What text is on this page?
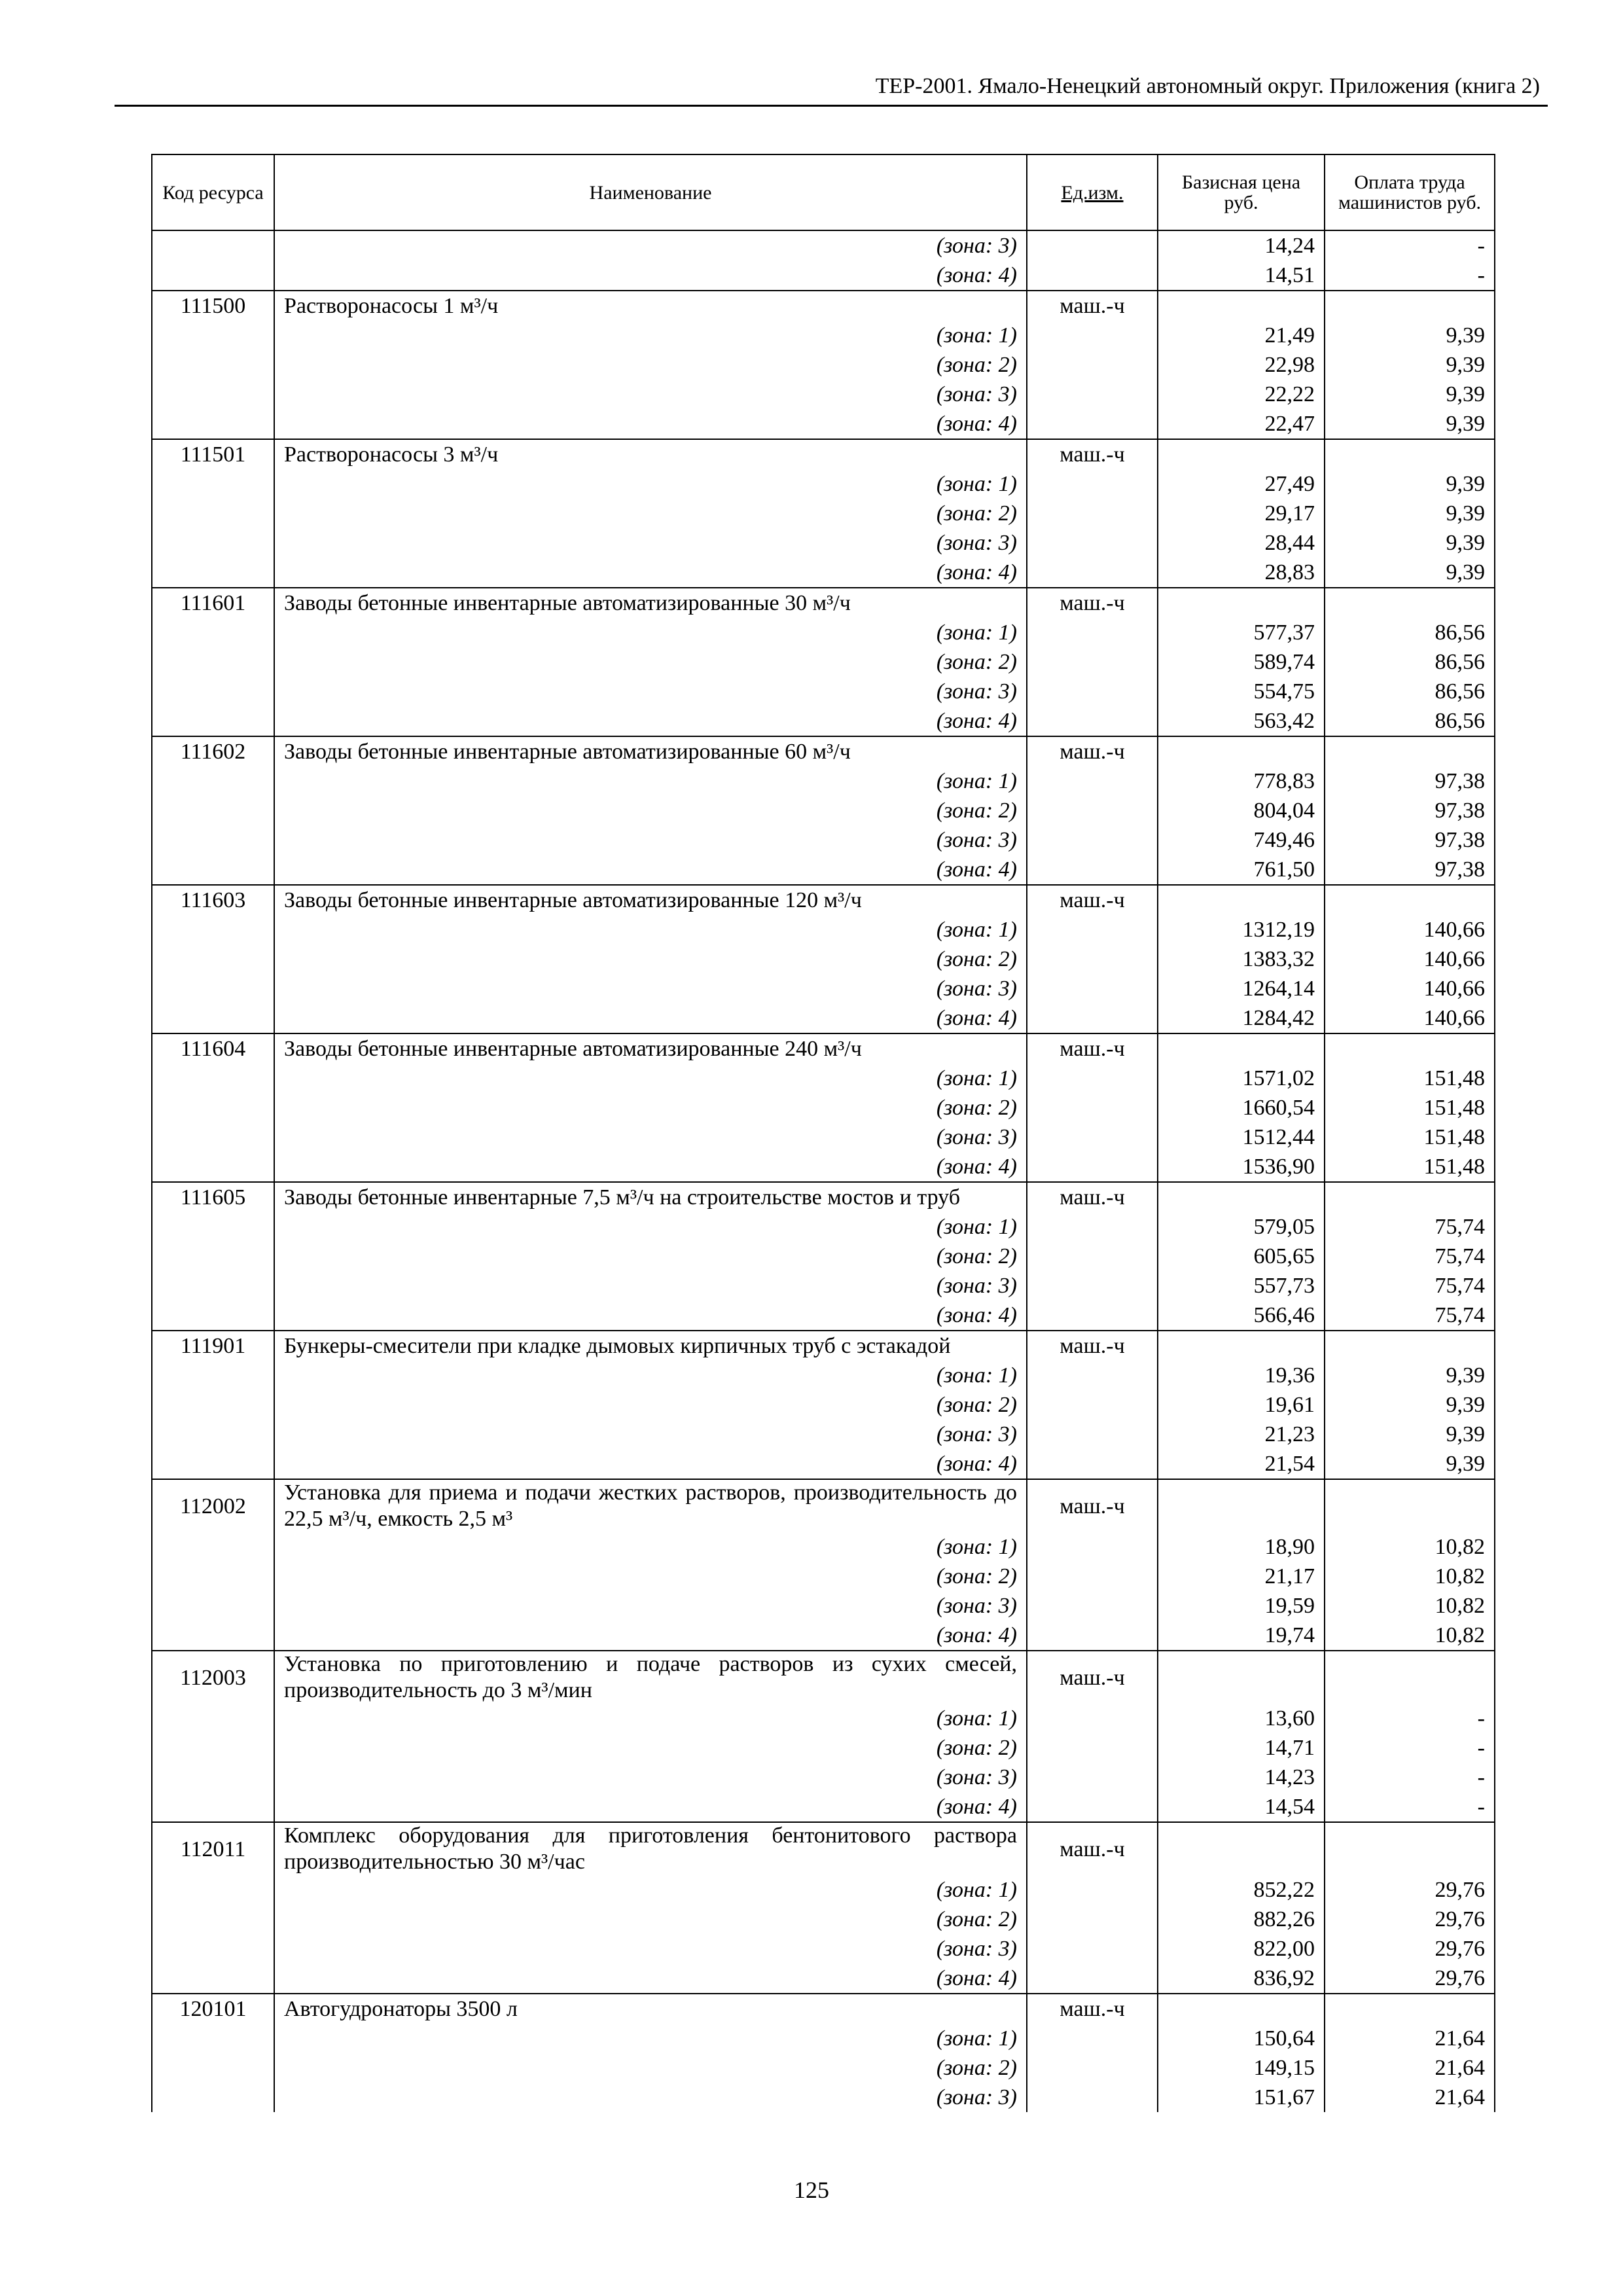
ТЕР-2001. Ямало-Ненецкий автономный округ. Приложения (книга 2)
Код ресурса	Наименование	Ед.изм.	Базисная цена руб.	Оплата труда машинистов руб.
	(зона: 3)		14,24	-
	(зона: 4)		14,51	-
111500	Растворонасосы 1 м³/ч	маш.-ч		
	(зона: 1)		21,49	9,39
	(зона: 2)		22,98	9,39
	(зона: 3)		22,22	9,39
	(зона: 4)		22,47	9,39
111501	Растворонасосы 3 м³/ч	маш.-ч		
	(зона: 1)		27,49	9,39
	(зона: 2)		29,17	9,39
	(зона: 3)		28,44	9,39
	(зона: 4)		28,83	9,39
111601	Заводы бетонные инвентарные автоматизированные 30 м³/ч	маш.-ч		
	(зона: 1)		577,37	86,56
	(зона: 2)		589,74	86,56
	(зона: 3)		554,75	86,56
	(зона: 4)		563,42	86,56
111602	Заводы бетонные инвентарные автоматизированные 60 м³/ч	маш.-ч		
	(зона: 1)		778,83	97,38
	(зона: 2)		804,04	97,38
	(зона: 3)		749,46	97,38
	(зона: 4)		761,50	97,38
111603	Заводы бетонные инвентарные автоматизированные 120 м³/ч	маш.-ч		
	(зона: 1)		1312,19	140,66
	(зона: 2)		1383,32	140,66
	(зона: 3)		1264,14	140,66
	(зона: 4)		1284,42	140,66
111604	Заводы бетонные инвентарные автоматизированные 240 м³/ч	маш.-ч		
	(зона: 1)		1571,02	151,48
	(зона: 2)		1660,54	151,48
	(зона: 3)		1512,44	151,48
	(зона: 4)		1536,90	151,48
111605	Заводы бетонные инвентарные 7,5 м³/ч на строительстве мостов и труб	маш.-ч		
	(зона: 1)		579,05	75,74
	(зона: 2)		605,65	75,74
	(зона: 3)		557,73	75,74
	(зона: 4)		566,46	75,74
111901	Бункеры-смесители при кладке дымовых кирпичных труб с эстакадой	маш.-ч		
	(зона: 1)		19,36	9,39
	(зона: 2)		19,61	9,39
	(зона: 3)		21,23	9,39
	(зона: 4)		21,54	9,39
112002	Установка для приема и подачи жестких растворов, производительность до 22,5 м³/ч, емкость 2,5 м³	маш.-ч		
	(зона: 1)		18,90	10,82
	(зона: 2)		21,17	10,82
	(зона: 3)		19,59	10,82
	(зона: 4)		19,74	10,82
112003	Установка по приготовлению и подаче растворов из сухих смесей, производительность до 3 м³/мин	маш.-ч		
	(зона: 1)		13,60	-
	(зона: 2)		14,71	-
	(зона: 3)		14,23	-
	(зона: 4)		14,54	-
112011	Комплекс оборудования для приготовления бентонитового раствора производительностью 30 м³/час	маш.-ч		
	(зона: 1)		852,22	29,76
	(зона: 2)		882,26	29,76
	(зона: 3)		822,00	29,76
	(зона: 4)		836,92	29,76
120101	Автогудронаторы 3500 л	маш.-ч		
	(зона: 1)		150,64	21,64
	(зона: 2)		149,15	21,64
	(зона: 3)		151,67	21,64
125
